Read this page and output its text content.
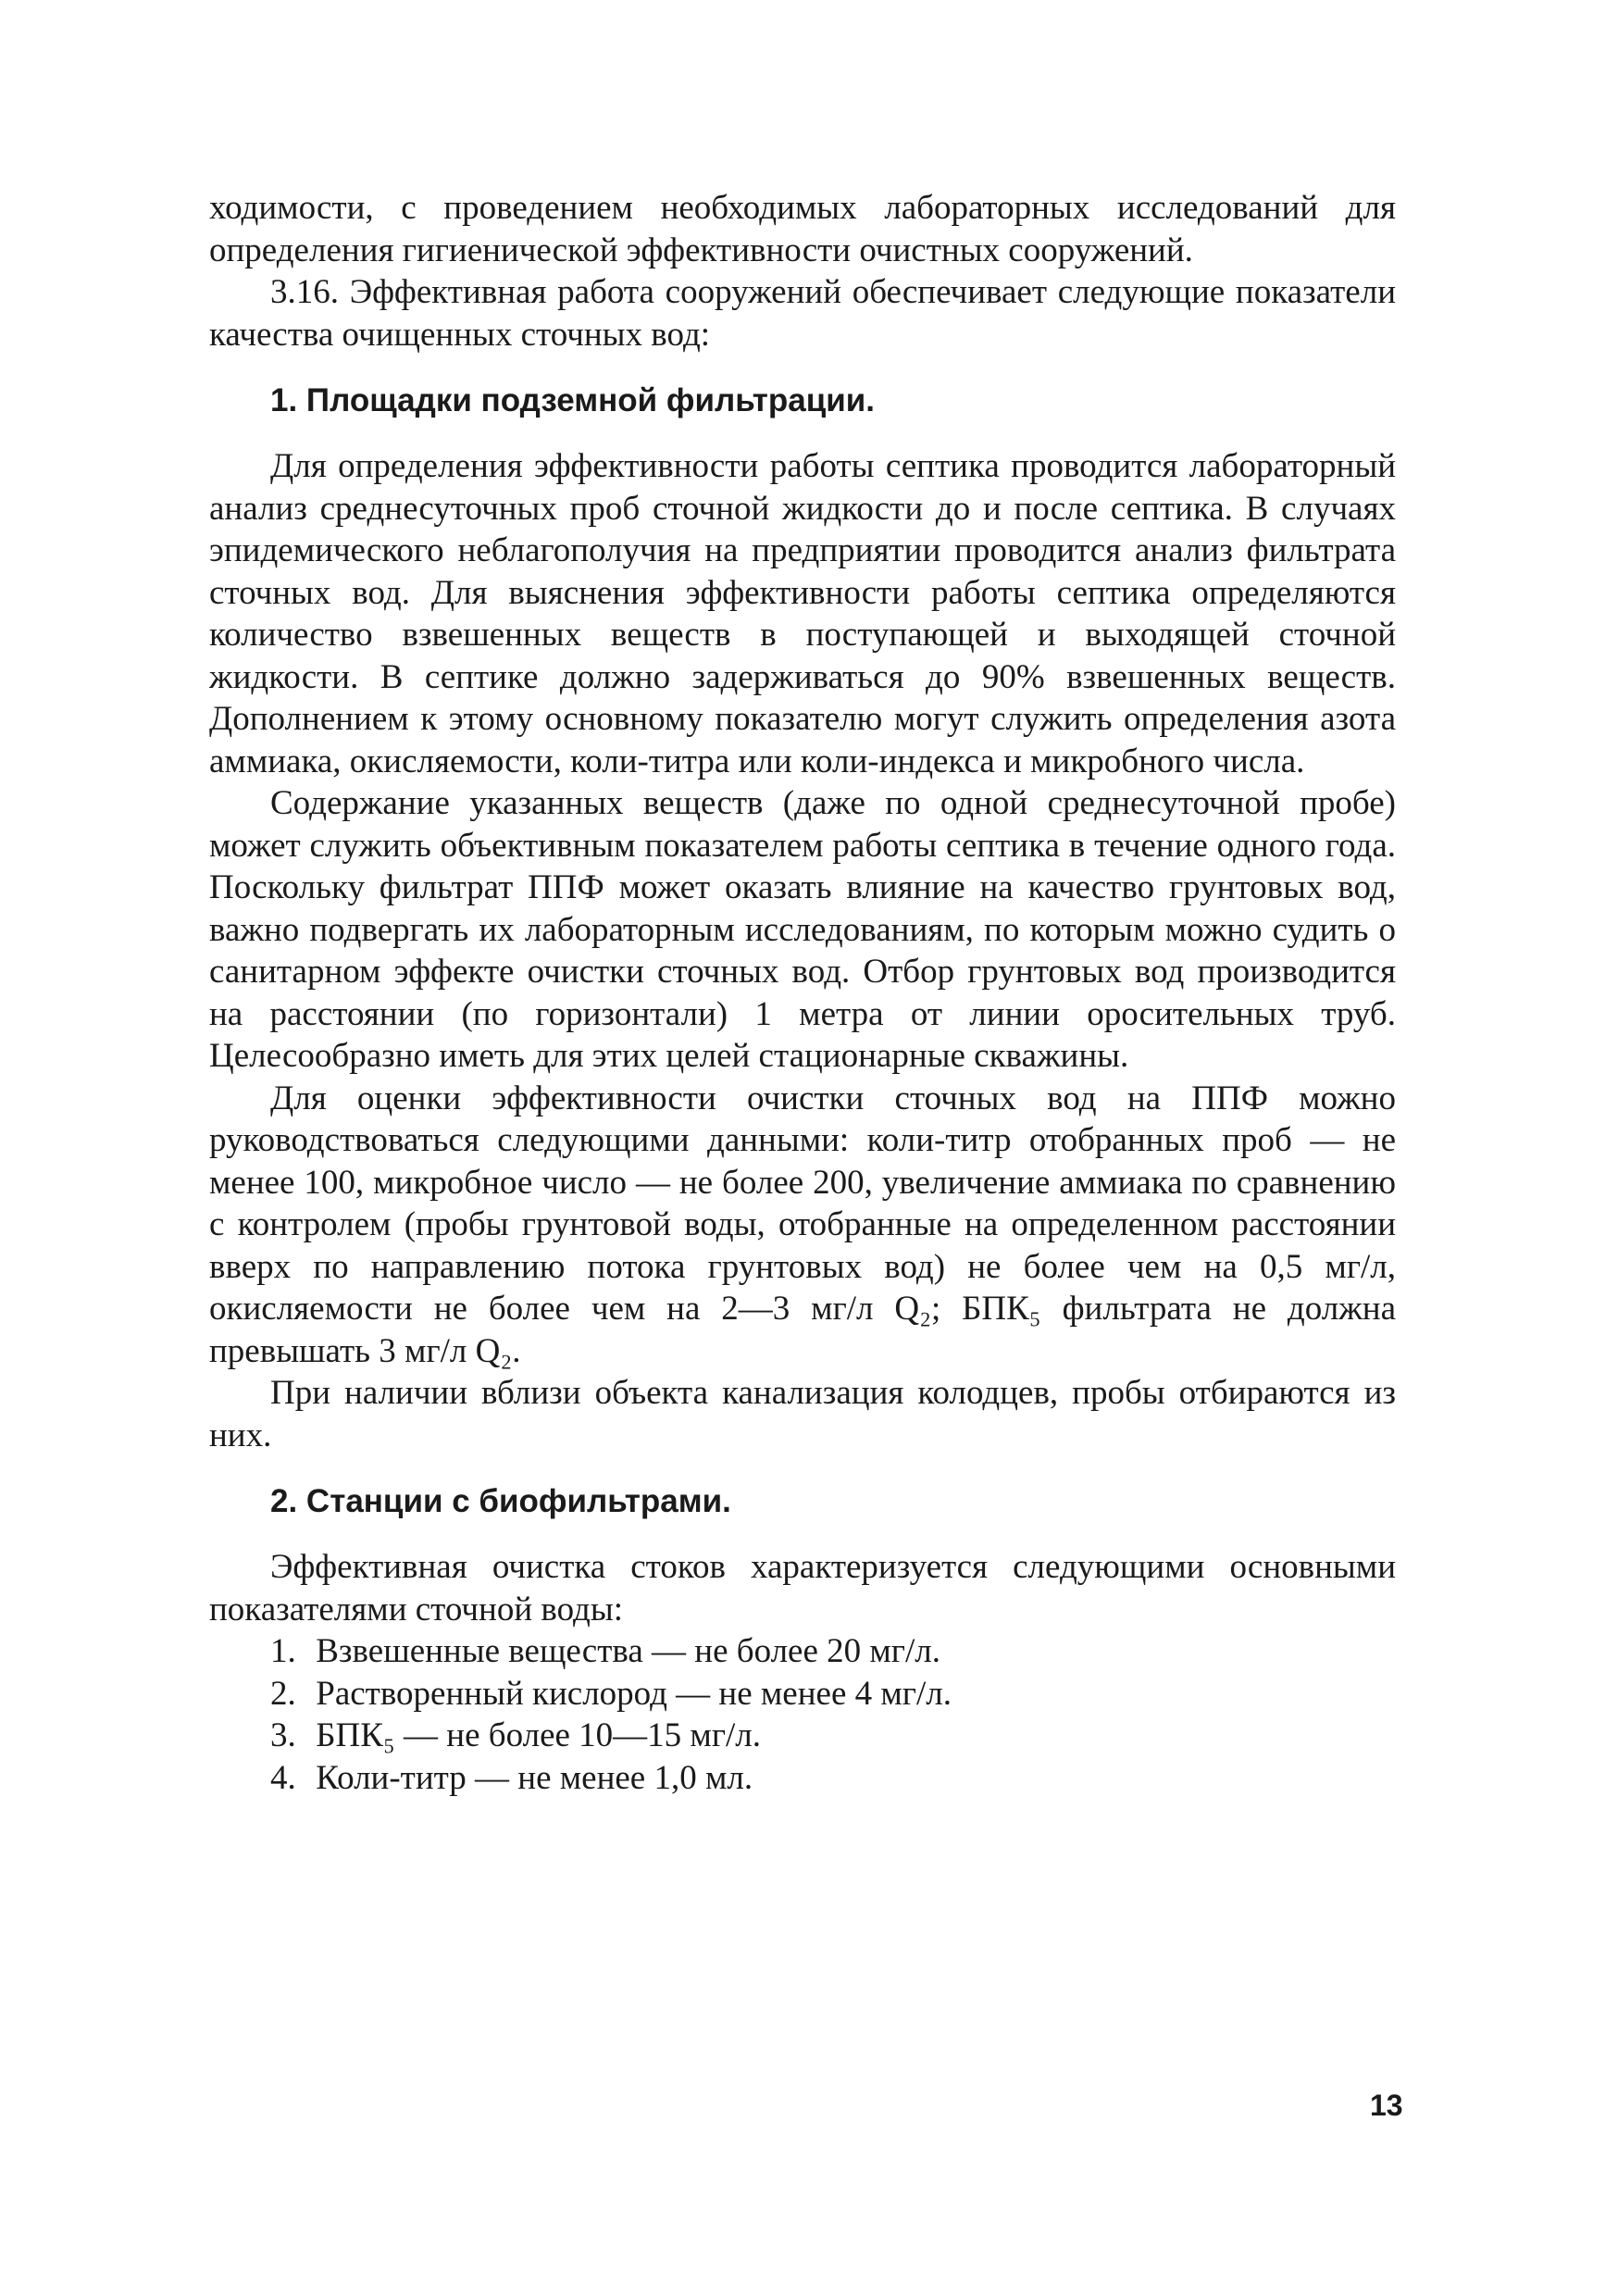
ходимости, с проведением необходимых лабораторных исследований для определения гигиенической эффективности очистных сооружений.

3.16. Эффективная работа сооружений обеспечивает следующие показатели качества очищенных сточных вод:

1. Площадки подземной фильтрации.

Для определения эффективности работы септика проводится лабораторный анализ среднесуточных проб сточной жидкости до и после септика. В случаях эпидемического неблагополучия на предприятии проводится анализ фильтрата сточных вод. Для выяснения эффективности работы септика определяются количество взвешенных веществ в поступающей и выходящей сточной жидкости. В септике должно задерживаться до 90% взвешенных веществ. Дополнением к этому основному показателю могут служить определения азота аммиака, окисляемости, коли-титра или коли-индекса и микробного числа.

Содержание указанных веществ (даже по одной среднесуточной пробе) может служить объективным показателем работы септика в течение одного года. Поскольку фильтрат ППФ может оказать влияние на качество грунтовых вод, важно подвергать их лабораторным исследованиям, по которым можно судить о санитарном эффекте очистки сточных вод. Отбор грунтовых вод производится на расстоянии (по горизонтали) 1 метра от линии оросительных труб. Целесообразно иметь для этих целей стационарные скважины.

Для оценки эффективности очистки сточных вод на ППФ можно руководствоваться следующими данными: коли-титр отобранных проб — не менее 100, микробное число — не более 200, увеличение аммиака по сравнению с контролем (пробы грунтовой воды, отобранные на определенном расстоянии вверх по направлению потока грунтовых вод) не более чем на 0,5 мг/л, окисляемости не более чем на 2—3 мг/л Q₂; БПК₅ фильтрата не должна превышать 3 мг/л Q₂.

При наличии вблизи объекта канализация колодцев, пробы отбираются из них.

2. Станции с биофильтрами.

Эффективная очистка стоков характеризуется следующими основными показателями сточной воды:

1. Взвешенные вещества — не более 20 мг/л.
2. Растворенный кислород — не менее 4 мг/л.
3. БПК₅ — не более 10—15 мг/л.
4. Коли-титр — не менее 1,0 мл.
13
